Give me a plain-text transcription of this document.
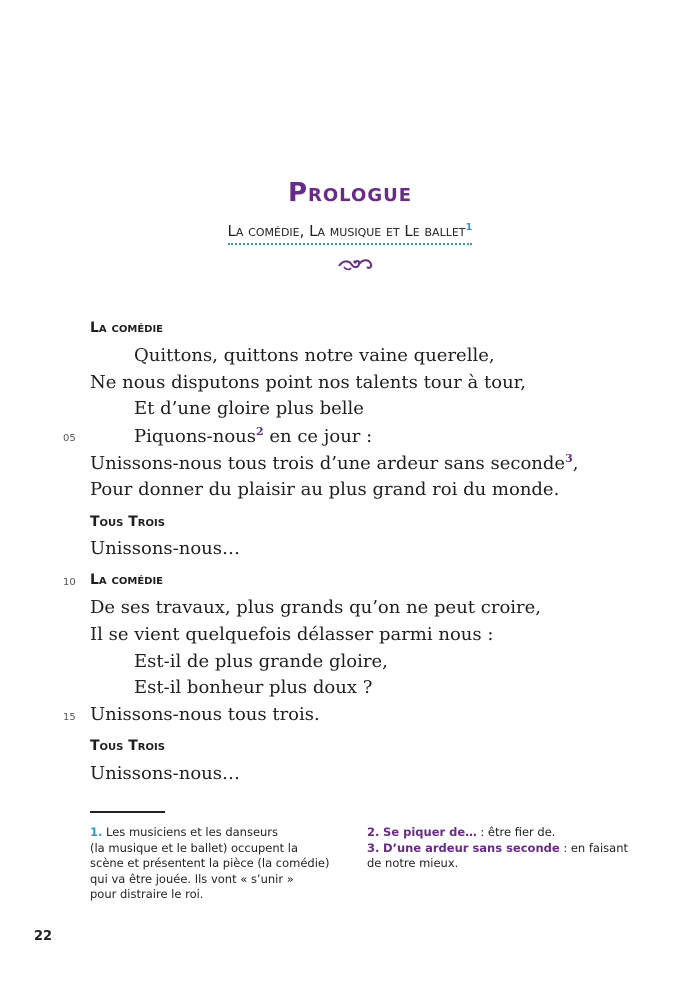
Prologue
La comédie, La musique et Le ballet$^1$
La comédie
Quittons, quittons notre vaine querelle,
Ne nous disputons point nos talents tour à tour,
Et d’une gloire plus belle
05	Piquons-nous$^2$ en ce jour :
Unissons-nous tous trois d’une ardeur sans seconde$^3$,
Pour donner du plaisir au plus grand roi du monde.
Tous Trois
Unissons-nous…
10 La comédie
De ses travaux, plus grands qu’on ne peut croire,
Il se vient quelquefois délasser parmi nous :
Est-il de plus grande gloire,
Est-il bonheur plus doux ?
15 Unissons-nous tous trois.
Tous Trois
Unissons-nous…
1. Les musiciens et les danseurs
(la musique et le ballet) occupent la
scène et présentent la pièce (la comédie)
qui va être jouée. Ils vont « s’unir »
pour distraire le roi.
2. Se piquer de… : être fier de.
3. D’une ardeur sans seconde : en faisant
de notre mieux.
22
